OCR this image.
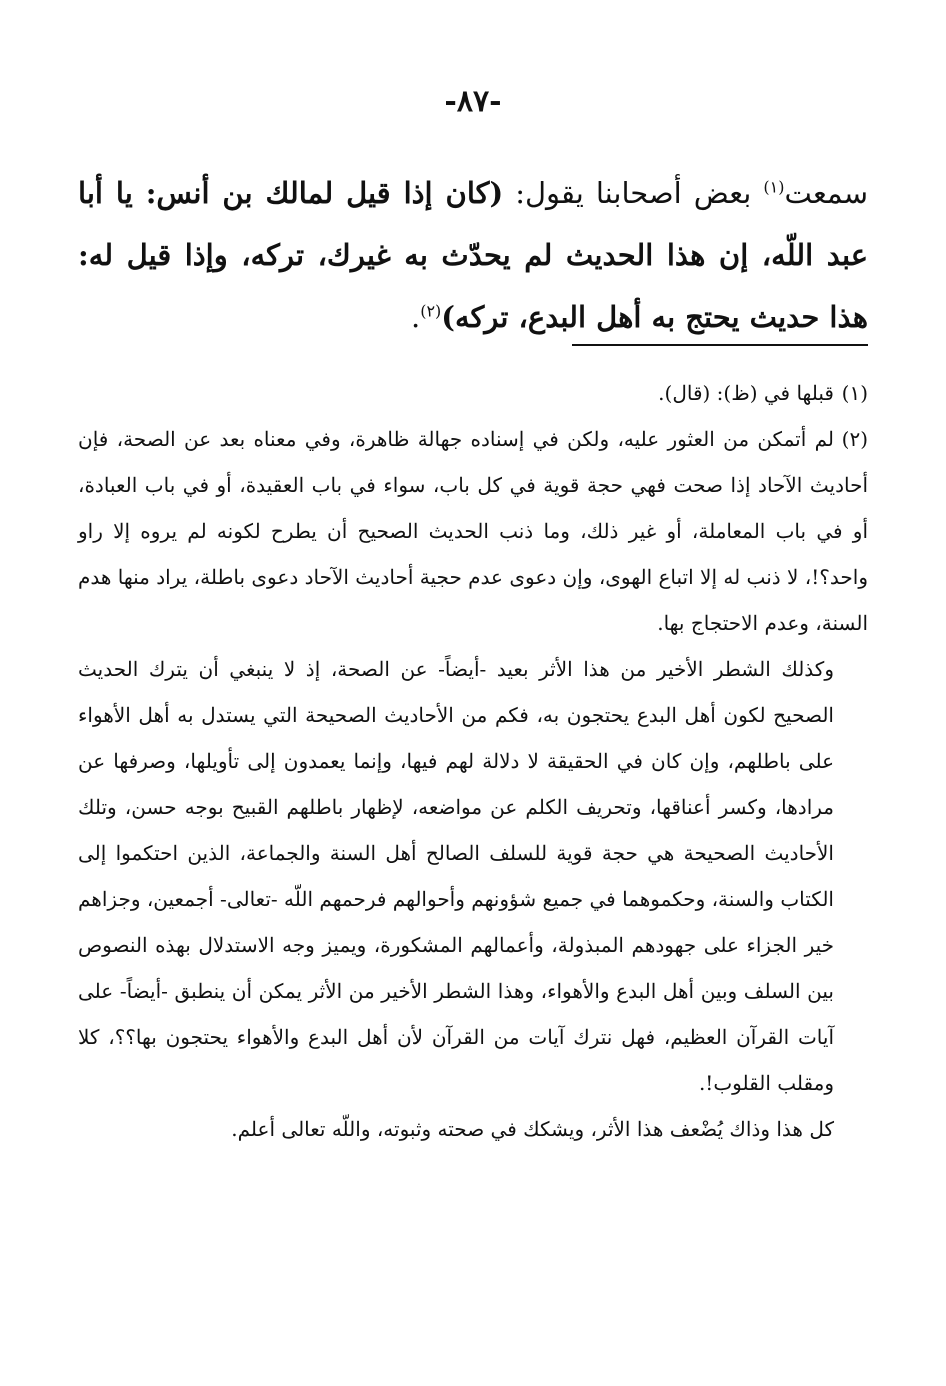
-٨٧-
سمعت$^{(١)}$ بعض أصحابنا يقول: (كان إذا قيل لمالك بن أنس: يا أبا عبد اللّه، إن هذا الحديث لم يحدّث به غيرك، تركه، وإذا قيل له: هذا حديث يحتج به أهل البدع، تركه)$^{(٢)}$.

(١)قبلها في (ظ): (قال).

(٢)لم أتمكن من العثور عليه، ولكن في إسناده جهالة ظاهرة، وفي معناه بعد عن الصحة، فإن أحاديث الآحاد إذا صحت فهي حجة قوية في كل باب، سواء في باب العقيدة، أو في باب العبادة، أو في باب المعاملة، أو غير ذلك، وما ذنب الحديث الصحيح أن يطرح لكونه لم يروه إلا راو واحد؟!، لا ذنب له إلا اتباع الهوى، وإن دعوى عدم حجية أحاديث الآحاد دعوى باطلة، يراد منها هدم السنة، وعدم الاحتجاج بها.

وكذلك الشطر الأخير من هذا الأثر بعيد -أيضاً- عن الصحة، إذ لا ينبغي أن يترك الحديث الصحيح لكون أهل البدع يحتجون به، فكم من الأحاديث الصحيحة التي يستدل به أهل الأهواء على باطلهم، وإن كان في الحقيقة لا دلالة لهم فيها، وإنما يعمدون إلى تأويلها، وصرفها عن مرادها، وكسر أعناقها، وتحريف الكلم عن مواضعه، لإظهار باطلهم القبيح بوجه حسن، وتلك الأحاديث الصحيحة هي حجة قوية للسلف الصالح أهل السنة والجماعة، الذين احتكموا إلى الكتاب والسنة، وحكموهما في جميع شؤونهم وأحوالهم فرحمهم اللّه -تعالى- أجمعين، وجزاهم خير الجزاء على جهودهم المبذولة، وأعمالهم المشكورة، ويميز وجه الاستدلال بهذه النصوص بين السلف وبين أهل البدع والأهواء، وهذا الشطر الأخير من الأثر يمكن أن ينطبق -أيضاً- على آيات القرآن العظيم، فهل نترك آيات من القرآن لأن أهل البدع والأهواء يحتجون بها؟؟، كلا ومقلب القلوب!.

كل هذا وذاك يُضْعف هذا الأثر، ويشكك في صحته وثبوته، واللّه تعالى أعلم.
